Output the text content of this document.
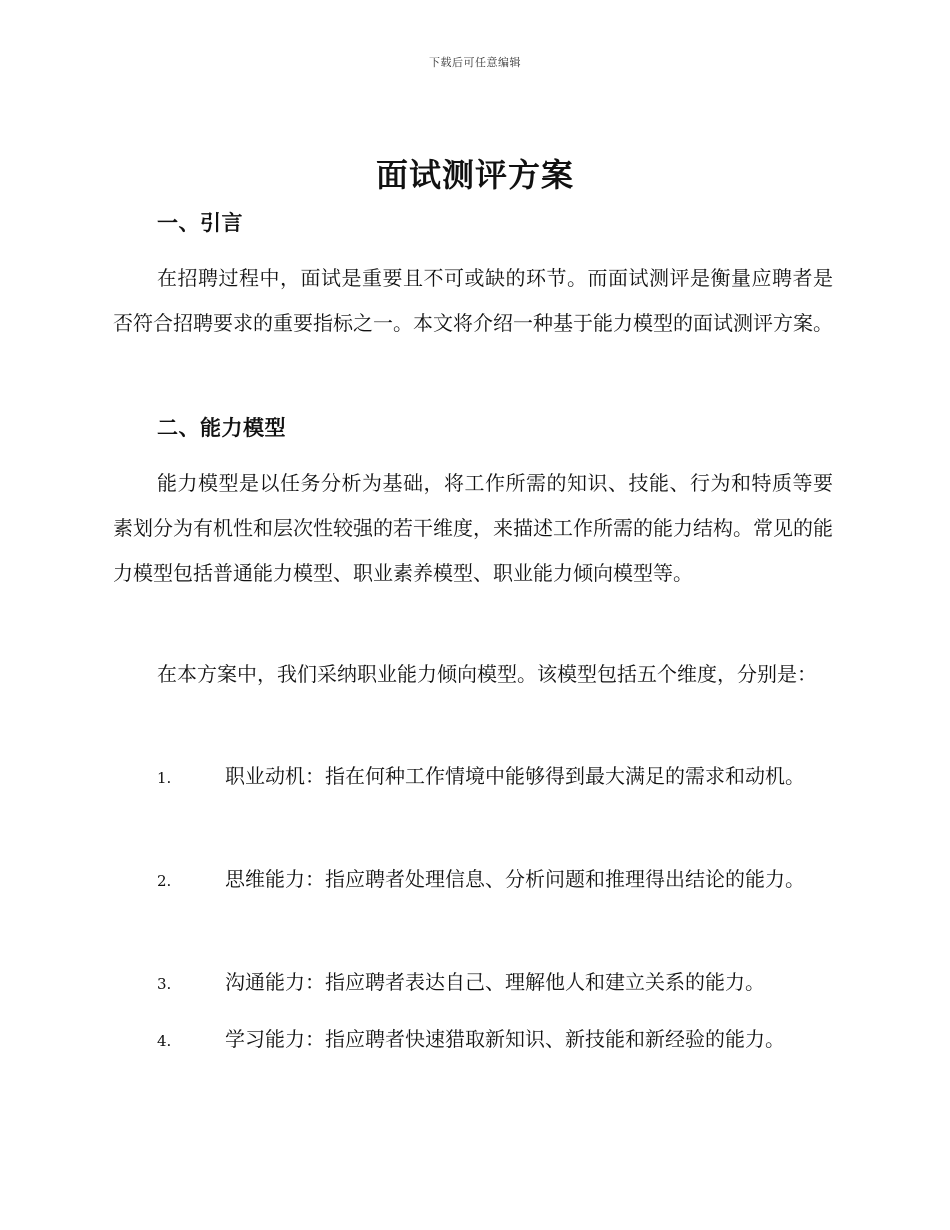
下载后可任意编辑
面试测评方案
一、引言
在招聘过程中，面试是重要且不可或缺的环节。而面试测评是衡量应聘者是否符合招聘要求的重要指标之一。本文将介绍一种基于能力模型的面试测评方案。
二、能力模型
能力模型是以任务分析为基础，将工作所需的知识、技能、行为和特质等要素划分为有机性和层次性较强的若干维度，来描述工作所需的能力结构。常见的能力模型包括普通能力模型、职业素养模型、职业能力倾向模型等。
在本方案中，我们采纳职业能力倾向模型。该模型包括五个维度，分别是：
1.	职业动机：指在何种工作情境中能够得到最大满足的需求和动机。
2.	思维能力：指应聘者处理信息、分析问题和推理得出结论的能力。
3.	沟通能力：指应聘者表达自己、理解他人和建立关系的能力。
4.	学习能力：指应聘者快速猎取新知识、新技能和新经验的能力。
